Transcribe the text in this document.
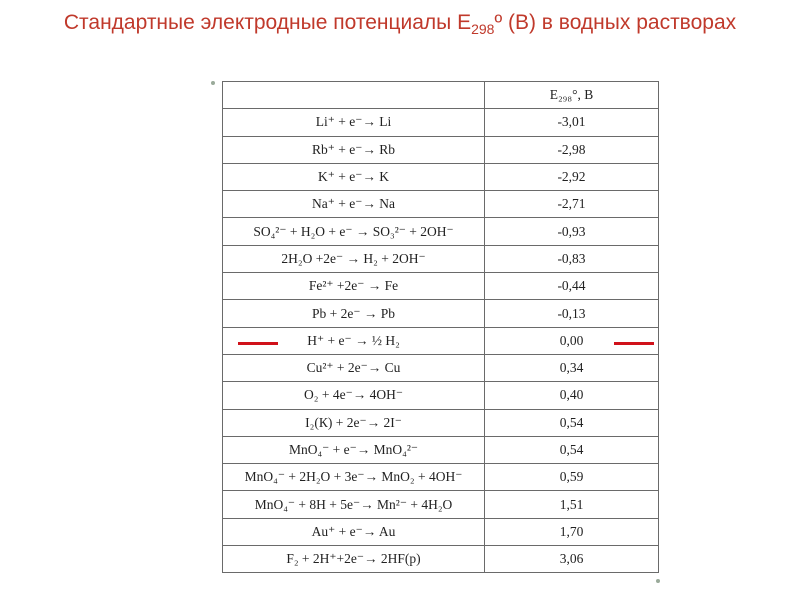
Стандартные электродные потенциалы $Е_{298}º$ (В) в водных растворах
	E₂₉₈°, В
Li⁺ + e⁻→ Li	-3,01
Rb⁺ + e⁻→ Rb	-2,98
K⁺ + e⁻→ K	-2,92
Na⁺ + e⁻→ Na	-2,71
SO₄²⁻ + H₂O + e⁻ → SO₃²⁻ + 2OH⁻	-0,93
2H₂O +2e⁻ → H₂ + 2OH⁻	-0,83
Fe²⁺ +2e⁻ → Fe	-0,44
Pb + 2e⁻ → Pb	-0,13
H⁺ + e⁻ → ½ H₂	0,00
Cu²⁺ + 2e⁻→ Cu	0,34
O₂ + 4e⁻→ 4OH⁻	0,40
I₂(К) + 2e⁻→ 2I⁻	0,54
MnO₄⁻ + e⁻→ MnO₄²⁻	0,54
MnO₄⁻ + 2H₂O + 3e⁻→ MnO₂ + 4OH⁻	0,59
MnO₄⁻ + 8H + 5e⁻→ Mn²⁻ + 4H₂O	1,51
Au⁺ + e⁻→ Au	1,70
F₂ + 2H⁺+2e⁻→ 2HF(р)	3,06
